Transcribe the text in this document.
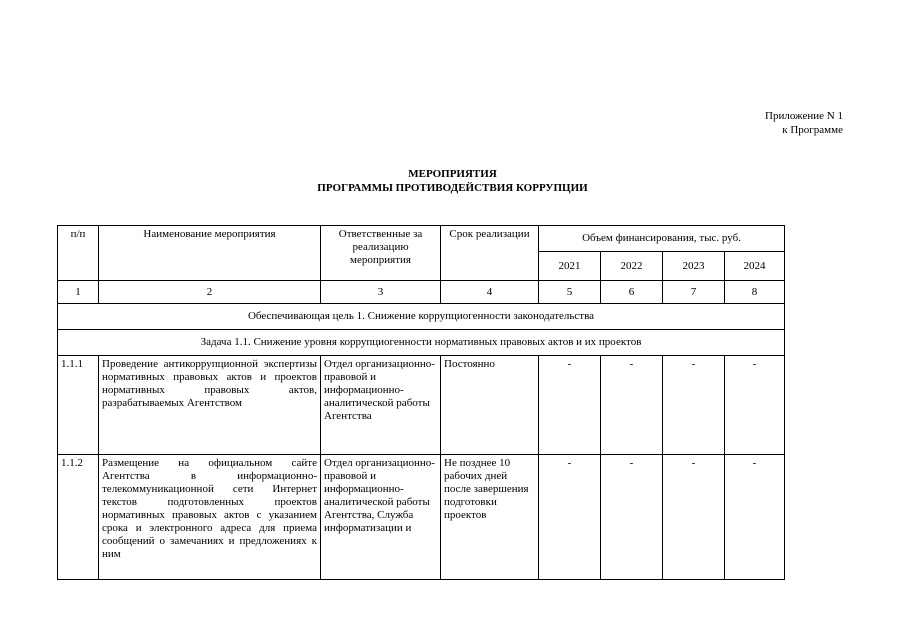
Приложение N 1
к Программе
МЕРОПРИЯТИЯ
ПРОГРАММЫ ПРОТИВОДЕЙСТВИЯ КОРРУПЦИИ
п/п	Наименование мероприятия	Ответственные за реализацию мероприятия	Срок реализации	Объем финансирования, тыс. руб.			
				2021	2022	2023	2024
1	2	3	4	5	6	7	8
Обеспечивающая цель 1. Снижение коррупциогенности законодательства							
Задача 1.1. Снижение уровня коррупциогенности нормативных правовых актов и их проектов							
1.1.1	Проведение антикоррупционной экспертизы нормативных правовых актов и проектов нормативных правовых актов, разрабатываемых Агентством	Отдел организационно-правовой и информационно-аналитической работы Агентства	Постоянно	-	-	-	-
1.1.2	Размещение на официальном сайте Агентства в информационно-телекоммуникационной сети Интернет текстов подготовленных проектов нормативных правовых актов с указанием срока и электронного адреса для приема сообщений о замечаниях и предложениях к ним	Отдел организационно-правовой и информационно-аналитической работы Агентства, Служба информатизации и	Не позднее 10 рабочих дней после завершения подготовки проектов	-	-	-	-
